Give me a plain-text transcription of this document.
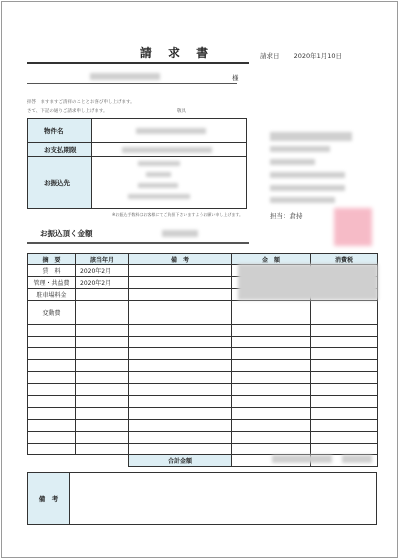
請 求 書	請求日 2020年1月10日
様
拝啓　ますますご清祥のこととお喜び申し上げます。
さて、下記の通りご請求申し上げます。	敬具
物件名
お支払期限
お振込先
※お振込手数料はお客様にてご負担下さいますようお願い申し上げます。	担当：倉持
お振込頂く金額
摘　要	該当年月	備　考	金　額	消費税
賃　料	2020年2月			
管理・共益費	2020年2月			
駐車場料金				
変動費				

		合計金額		
備　考
